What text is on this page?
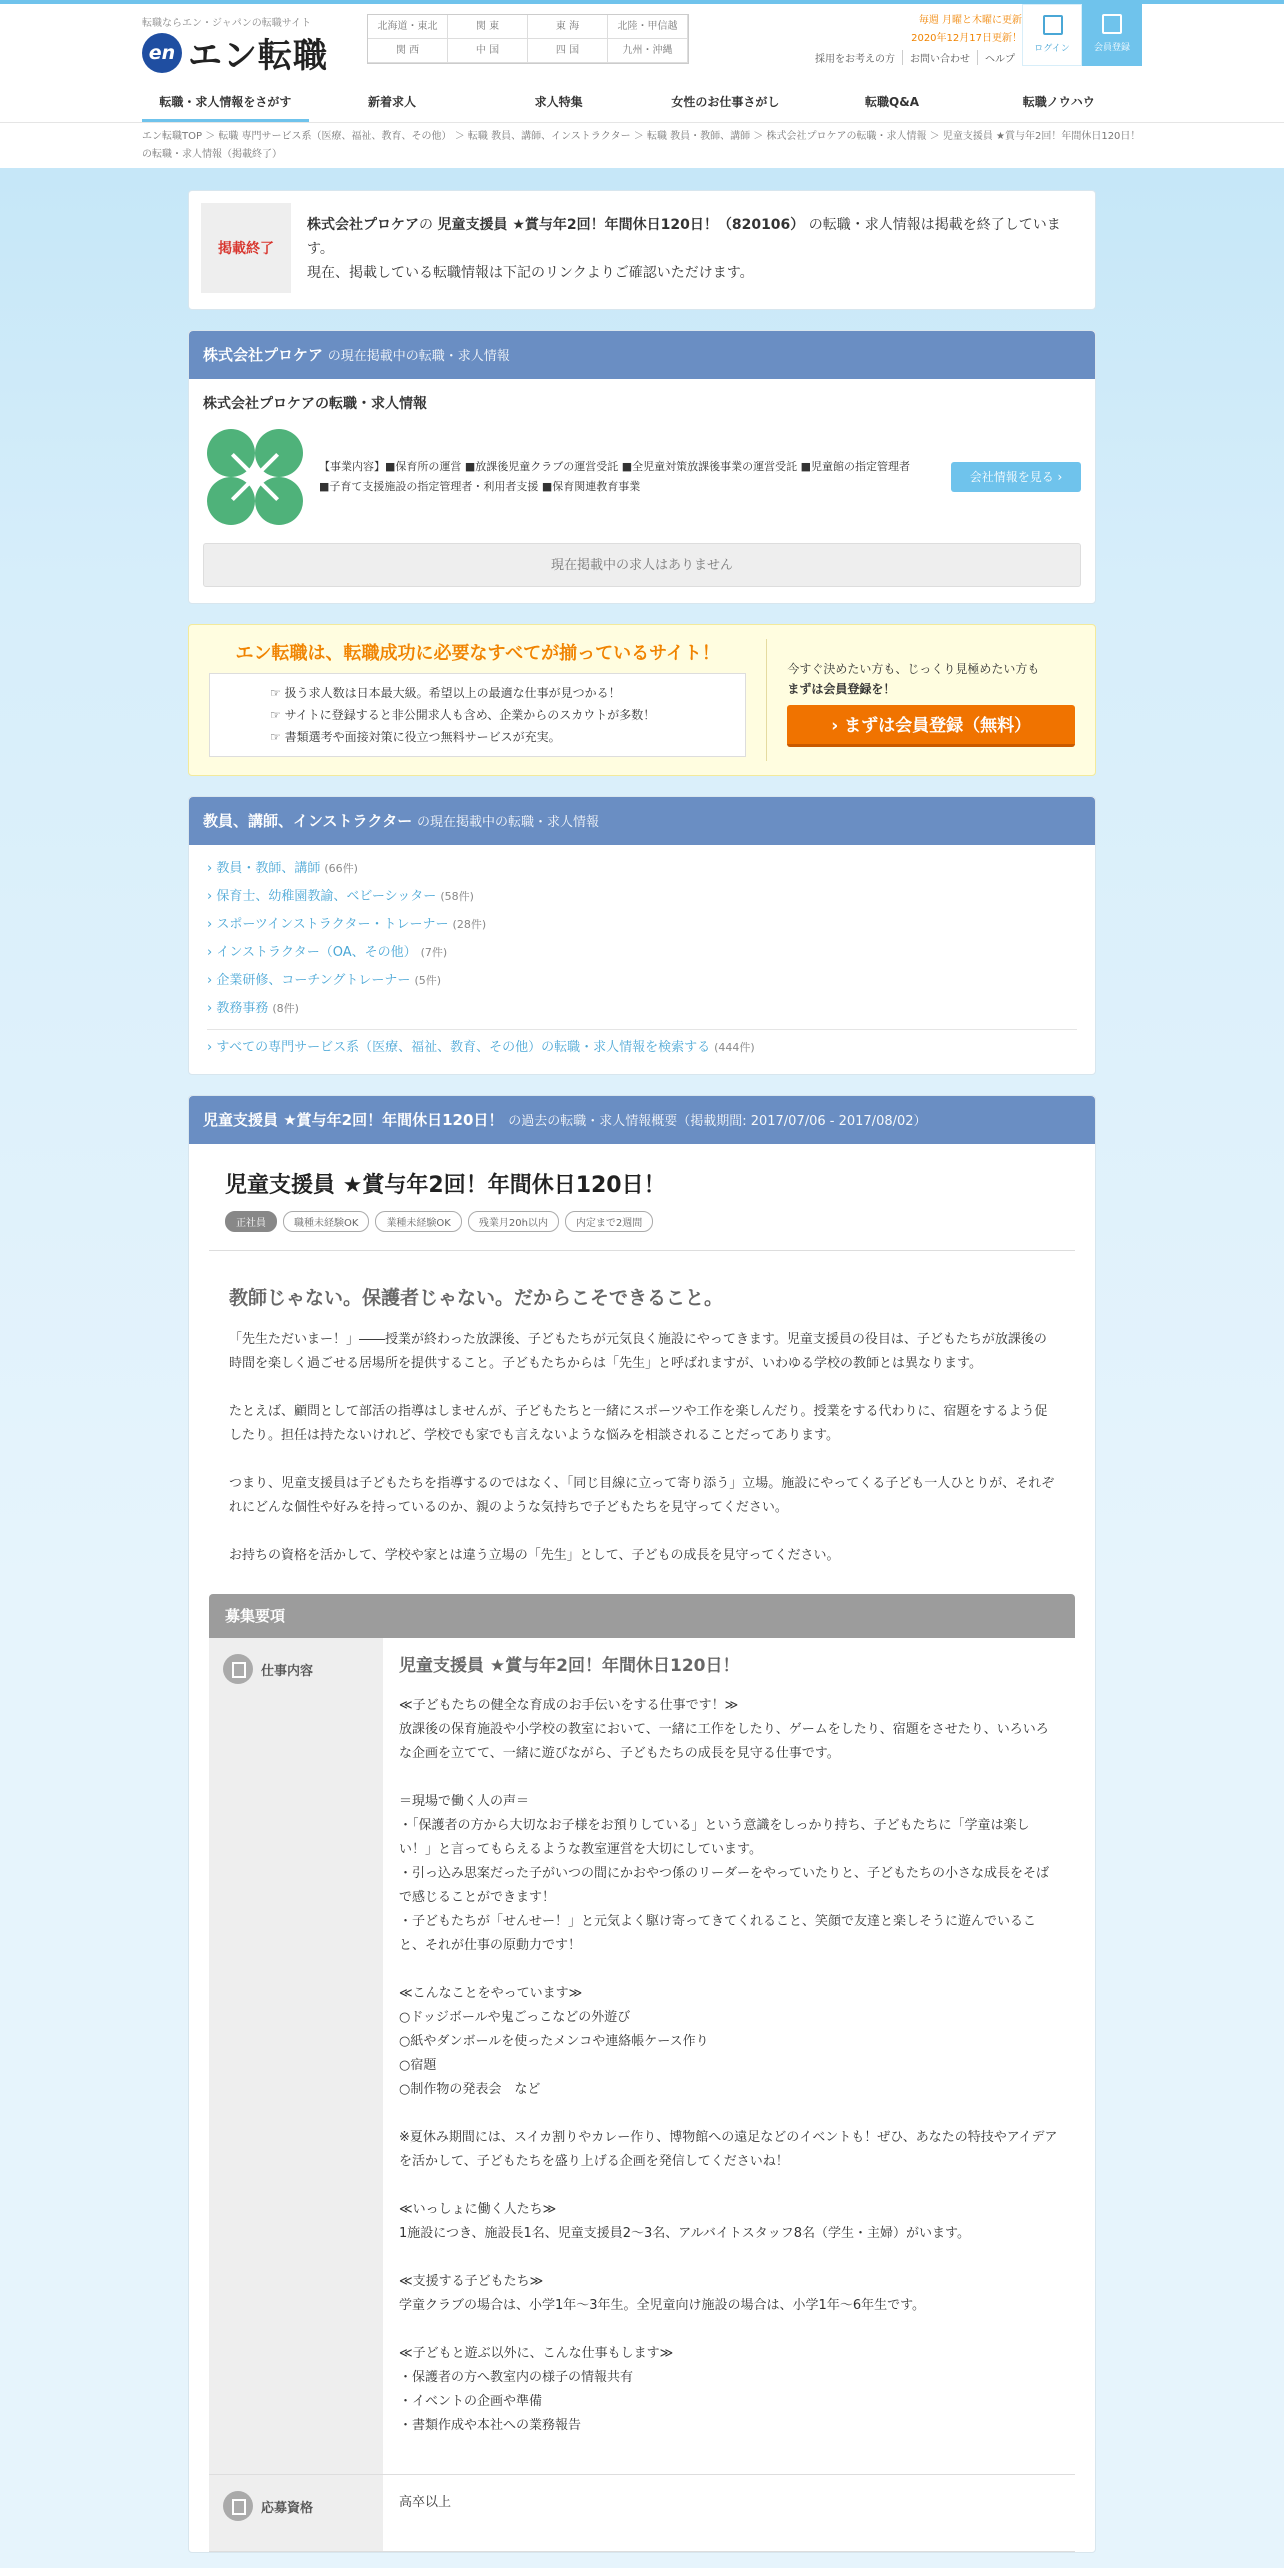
転職ならエン・ジャパンの転職サイト
en エン転職
北海道・東北	関 東	東 海	北陸・甲信越
関 西	中 国	四 国	九州・沖縄
毎週 月曜と木曜に更新
2020年12月17日更新！
採用をお考えの方	お問い合わせ	ヘルプ
ログイン	会員登録
転職・求人情報をさがす	新着求人	求人特集	女性のお仕事さがし	転職Q&A	転職ノウハウ

エン転職TOP ＞ 転職 専門サービス系（医療、福祉、教育、その他） ＞ 転職 教員、講師、インストラクター ＞ 転職 教員・教師、講師 ＞ 株式会社プロケアの転職・求人情報 ＞ 児童支援員 ★賞与年2回！年間休日120日！の転職・求人情報（掲載終了）

掲載終了
株式会社プロケアの 児童支援員 ★賞与年2回！年間休日120日！（820106） の転職・求人情報は掲載を終了しています。
現在、掲載している転職情報は下記のリンクよりご確認いただけます。
株式会社プロケア の現在掲載中の転職・求人情報
株式会社プロケアの転職・求人情報
【事業内容】■保育所の運営 ■放課後児童クラブの運営受託 ■全児童対策放課後事業の運営受託 ■児童館の指定管理者 ■子育て支援施設の指定管理者・利用者支援 ■保育関連教育事業
会社情報を見る ›
現在掲載中の求人はありません
エン転職は、転職成功に必要なすべてが揃っているサイト！
☞ 扱う求人数は日本最大級。希望以上の最適な仕事が見つかる！
☞ サイトに登録すると非公開求人も含め、企業からのスカウトが多数！
☞ 書類選考や面接対策に役立つ無料サービスが充実。
今すぐ決めたい方も、じっくり見極めたい方も
まずは会員登録を！
› まずは会員登録（無料）
教員、講師、インストラクター の現在掲載中の転職・求人情報
› 教員・教師、講師 (66件)
› 保育士、幼稚園教諭、ベビーシッター (58件)
› スポーツインストラクター・トレーナー (28件)
› インストラクター（OA、その他） (7件)
› 企業研修、コーチングトレーナー (5件)
› 教務事務 (8件)
› すべての専門サービス系（医療、福祉、教育、その他）の転職・求人情報を検索する (444件)
児童支援員 ★賞与年2回！年間休日120日！ の過去の転職・求人情報概要（掲載期間: 2017/07/06 - 2017/08/02）
児童支援員 ★賞与年2回！年間休日120日！
正社員	職種未経験OK	業種未経験OK	残業月20h以内	内定まで2週間
教師じゃない。保護者じゃない。だからこそできること。

「先生ただいまー！」――授業が終わった放課後、子どもたちが元気良く施設にやってきます。児童支援員の役目は、子どもたちが放課後の時間を楽しく過ごせる居場所を提供すること。子どもたちからは「先生」と呼ばれますが、いわゆる学校の教師とは異なります。

たとえば、顧問として部活の指導はしませんが、子どもたちと一緒にスポーツや工作を楽しんだり。授業をする代わりに、宿題をするよう促したり。担任は持たないけれど、学校でも家でも言えないような悩みを相談されることだってあります。

つまり、児童支援員は子どもたちを指導するのではなく、「同じ目線に立って寄り添う」立場。施設にやってくる子ども一人ひとりが、それぞれにどんな個性や好みを持っているのか、親のような気持ちで子どもたちを見守ってください。

お持ちの資格を活かして、学校や家とは違う立場の「先生」として、子どもの成長を見守ってください。

募集要項
仕事内容	児童支援員 ★賞与年2回！年間休日120日！

≪子どもたちの健全な育成のお手伝いをする仕事です！≫
放課後の保育施設や小学校の教室において、一緒に工作をしたり、ゲームをしたり、宿題をさせたり、いろいろな企画を立てて、一緒に遊びながら、子どもたちの成長を見守る仕事です。

＝現場で働く人の声＝
・「保護者の方から大切なお子様をお預りしている」という意識をしっかり持ち、子どもたちに「学童は楽しい！」と言ってもらえるような教室運営を大切にしています。
・引っ込み思案だった子がいつの間にかおやつ係のリーダーをやっていたりと、子どもたちの小さな成長をそばで感じることができます！
・子どもたちが「せんせー！」と元気よく駆け寄ってきてくれること、笑顔で友達と楽しそうに遊んでいること、それが仕事の原動力です！

≪こんなことをやっています≫
○ドッジボールや鬼ごっこなどの外遊び
○紙やダンボールを使ったメンコや連絡帳ケース作り
○宿題
○制作物の発表会　など

※夏休み期間には、スイカ割りやカレー作り、博物館への遠足などのイベントも！ぜひ、あなたの特技やアイデアを活かして、子どもたちを盛り上げる企画を発信してくださいね！

≪いっしょに働く人たち≫
1施設につき、施設長1名、児童支援員2～3名、アルバイトスタッフ8名（学生・主婦）がいます。

≪支援する子どもたち≫
学童クラブの場合は、小学1年～3年生。全児童向け施設の場合は、小学1年～6年生です。

≪子どもと遊ぶ以外に、こんな仕事もします≫
・保護者の方へ教室内の様子の情報共有
・イベントの企画や準備
・書類作成や本社への業務報告

応募資格	高卒以上
